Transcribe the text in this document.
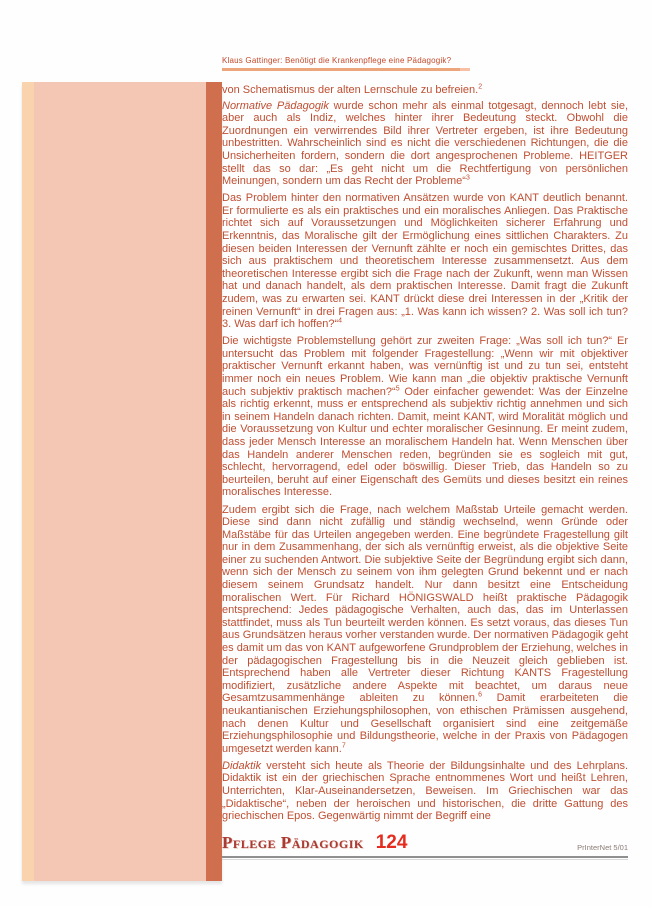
Klaus Gattinger: Benötigt die Krankenpflege eine Pädagogik?

von Schematismus der alten Lernschule zu befreien.$^2$

Normative Pädagogik wurde schon mehr als einmal totgesagt, dennoch lebt sie, aber auch als Indiz, welches hinter ihrer Bedeutung steckt. Obwohl die Zuordnungen ein verwirrendes Bild ihrer Vertreter ergeben, ist ihre Bedeutung unbestritten. Wahrscheinlich sind es nicht die verschiedenen Richtungen, die die Unsicherheiten fordern, sondern die dort angesprochenen Probleme. HEITGER stellt das so dar: „Es geht nicht um die Rechtfertigung von persönlichen Meinungen, sondern um das Recht der Probleme“$^3$

Das Problem hinter den normativen Ansätzen wurde von KANT deutlich benannt. Er formulierte es als ein praktisches und ein moralisches Anliegen. Das Praktische richtet sich auf Voraussetzungen und Möglichkeiten sicherer Erfahrung und Erkenntnis, das Moralische gilt der Ermöglichung eines sittlichen Charakters. Zu diesen beiden Interessen der Vernunft zählte er noch ein gemischtes Drittes, das sich aus praktischem und theoretischem Interesse zusammensetzt. Aus dem theoretischen Interesse ergibt sich die Frage nach der Zukunft, wenn man Wissen hat und danach handelt, als dem praktischen Interesse. Damit fragt die Zukunft zudem, was zu erwarten sei. KANT drückt diese drei Interessen in der „Kritik der reinen Vernunft“ in drei Fragen aus: „1. Was kann ich wissen? 2. Was soll ich tun? 3. Was darf ich hoffen?“$^4$

Die wichtigste Problemstellung gehört zur zweiten Frage: „Was soll ich tun?“ Er untersucht das Problem mit folgender Fragestellung: „Wenn wir mit objektiver praktischer Vernunft erkannt haben, was vernünftig ist und zu tun sei, entsteht immer noch ein neues Problem. Wie kann man „die objektiv praktische Vernunft auch subjektiv praktisch machen?“$^5$ Oder einfacher gewendet: Was der Einzelne als richtig erkennt, muss er entsprechend als subjektiv richtig annehmen und sich in seinem Handeln danach richten. Damit, meint KANT, wird Moralität möglich und die Voraussetzung von Kultur und echter moralischer Gesinnung. Er meint zudem, dass jeder Mensch Interesse an moralischem Handeln hat. Wenn Menschen über das Handeln anderer Menschen reden, begründen sie es sogleich mit gut, schlecht, hervorragend, edel oder böswillig. Dieser Trieb, das Handeln so zu beurteilen, beruht auf einer Eigenschaft des Gemüts und dieses besitzt ein reines moralisches Interesse.

Zudem ergibt sich die Frage, nach welchem Maßstab Urteile gemacht werden. Diese sind dann nicht zufällig und ständig wechselnd, wenn Gründe oder Maßstäbe für das Urteilen angegeben werden. Eine begründete Fragestellung gilt nur in dem Zusammenhang, der sich als vernünftig erweist, als die objektive Seite einer zu suchenden Antwort. Die subjektive Seite der Begründung ergibt sich dann, wenn sich der Mensch zu seinem von ihm gelegten Grund bekennt und er nach diesem seinem Grundsatz handelt. Nur dann besitzt eine Entscheidung moralischen Wert. Für Richard HÖNIGSWALD heißt praktische Pädagogik entsprechend: Jedes pädagogische Verhalten, auch das, das im Unterlassen stattfindet, muss als Tun beurteilt werden können. Es setzt voraus, das dieses Tun aus Grundsätzen heraus vorher verstanden wurde. Der normativen Pädagogik geht es damit um das von KANT aufgeworfene Grundproblem der Erziehung, welches in der pädagogischen Fragestellung bis in die Neuzeit gleich geblieben ist. Entsprechend haben alle Vertreter dieser Richtung KANTS Fragestellung modifiziert, zusätzliche andere Aspekte mit beachtet, um daraus neue Gesamtzusammenhänge ableiten zu können.$^6$ Damit erarbeiteten die neukantianischen Erziehungsphilosophen, von ethischen Prämissen ausgehend, nach denen Kultur und Gesellschaft organisiert sind eine zeitgemäße Erziehungsphilosophie und Bildungstheorie, welche in der Praxis von Pädagogen umgesetzt werden kann.$^7$

Didaktik versteht sich heute als Theorie der Bildungsinhalte und des Lehrplans. Didaktik ist ein der griechischen Sprache entnommenes Wort und heißt Lehren, Unterrichten, Klar-Auseinandersetzen, Beweisen. Im Griechischen war das „Didaktische“, neben der heroischen und historischen, die dritte Gattung des griechischen Epos. Gegenwärtig nimmt der Begriff eine

Pflege Pädagogik 124	PrInterNet 5/01
